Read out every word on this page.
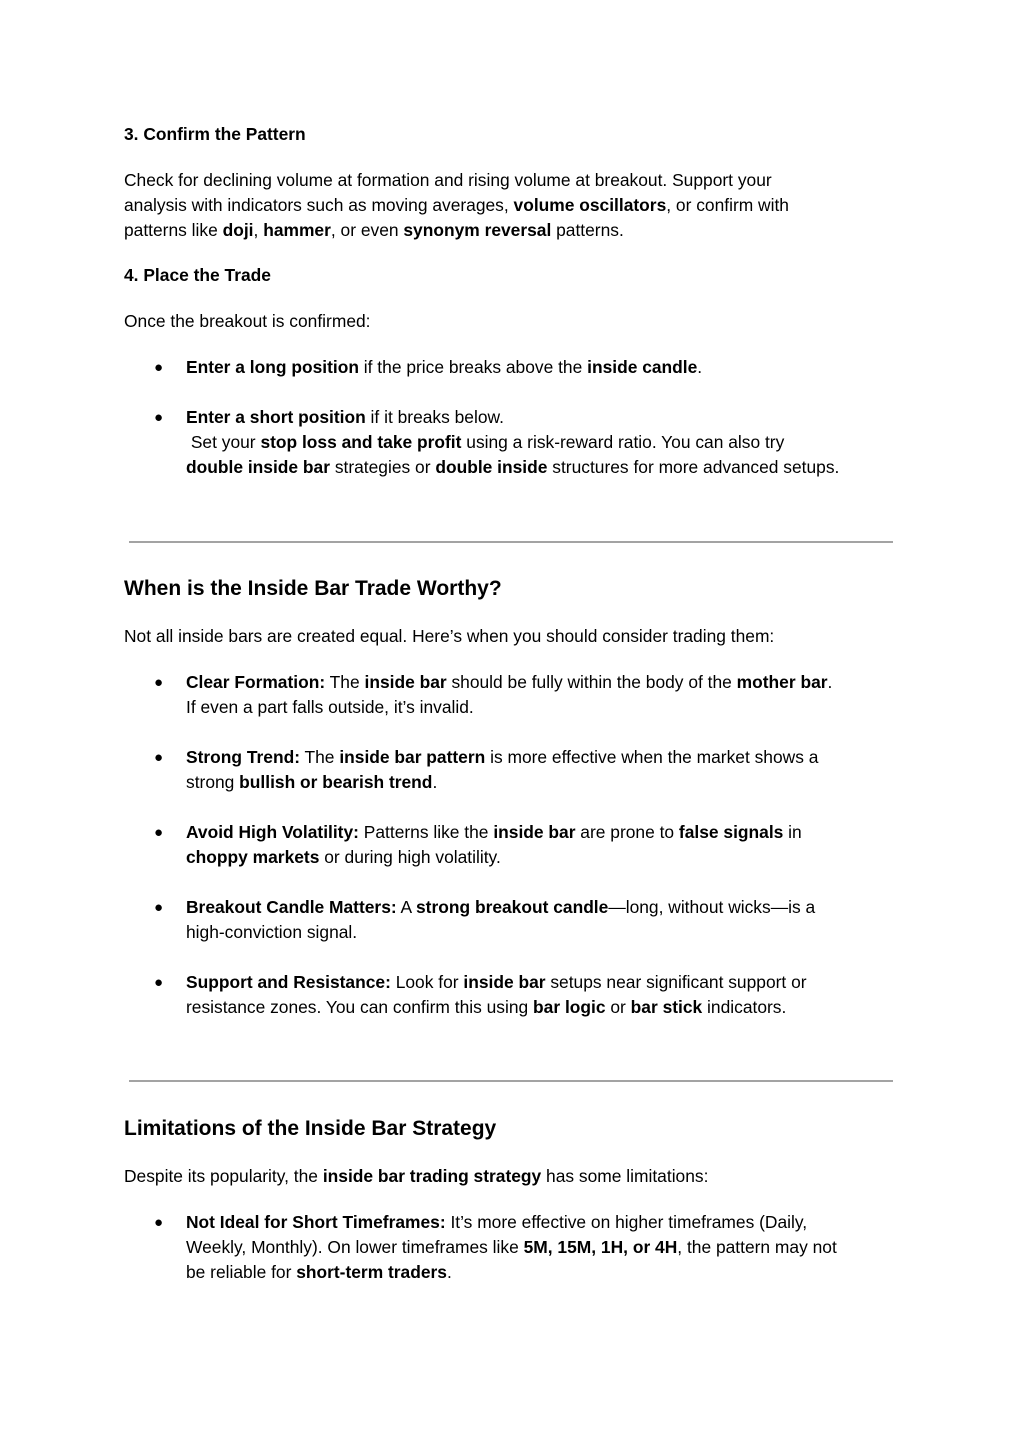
3. Confirm the Pattern
Check for declining volume at formation and rising volume at breakout. Support your
analysis with indicators such as moving averages, volume oscillators, or confirm with
patterns like doji, hammer, or even synonym reversal patterns.
4. Place the Trade
Once the breakout is confirmed:
● Enter a long position if the price breaks above the inside candle.
● Enter a short position if it breaks below.
Set your stop loss and take profit using a risk-reward ratio. You can also try
double inside bar strategies or double inside structures for more advanced setups.
When is the Inside Bar Trade Worthy?
Not all inside bars are created equal. Here’s when you should consider trading them:
● Clear Formation: The inside bar should be fully within the body of the mother bar.
If even a part falls outside, it’s invalid.
● Strong Trend: The inside bar pattern is more effective when the market shows a
strong bullish or bearish trend.
● Avoid High Volatility: Patterns like the inside bar are prone to false signals in
choppy markets or during high volatility.
● Breakout Candle Matters: A strong breakout candle—long, without wicks—is a
high-conviction signal.
● Support and Resistance: Look for inside bar setups near significant support or
resistance zones. You can confirm this using bar logic or bar stick indicators.
Limitations of the Inside Bar Strategy
Despite its popularity, the inside bar trading strategy has some limitations:
● Not Ideal for Short Timeframes: It’s more effective on higher timeframes (Daily,
Weekly, Monthly). On lower timeframes like 5M, 15M, 1H, or 4H, the pattern may not
be reliable for short-term traders.
